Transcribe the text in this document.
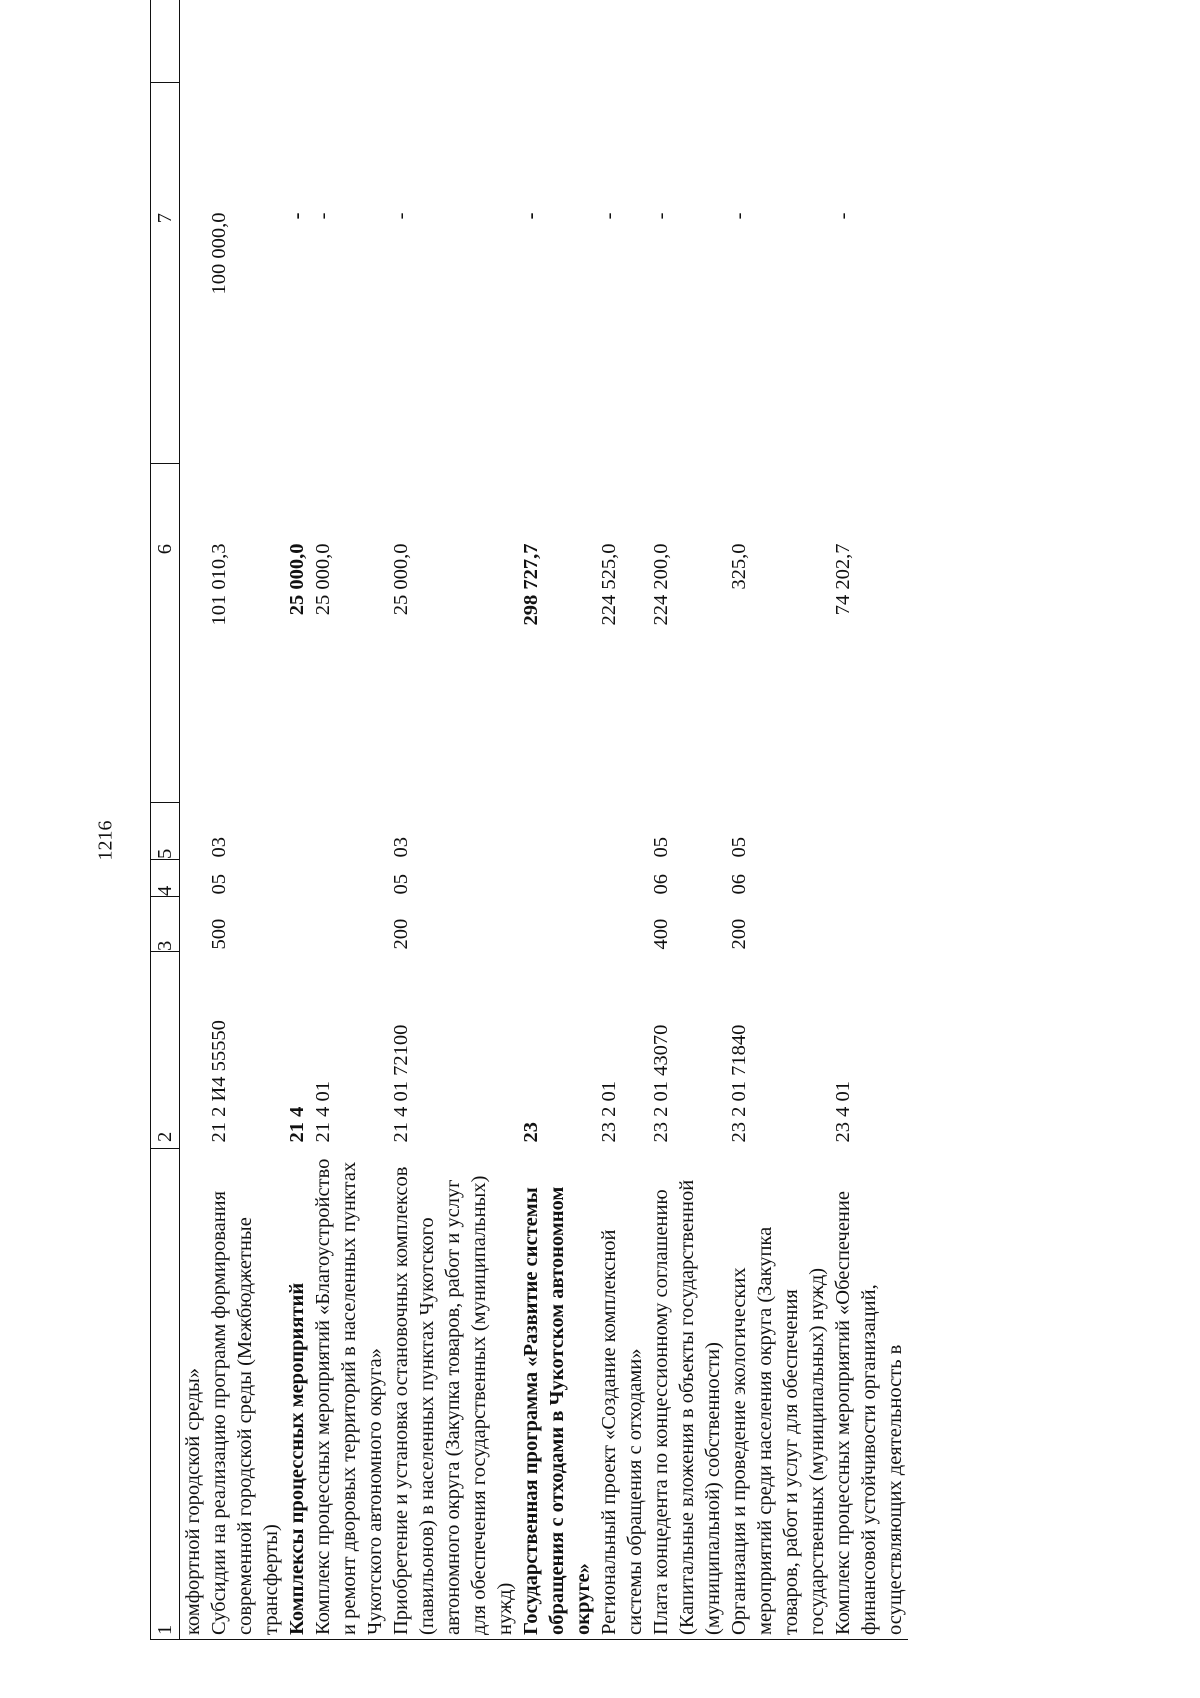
1216
1	2	3	4	5	6	7	
комфортной городской среды»							
Субсидии на реализацию программ формирования современной городской среды (Межбюджетные трансферты)	21 2 И4 55550	500	05	03	101 010,3	100 000,0	
Комплексы процессных мероприятий	21 4				25 000,0	-	
Комплекс процессных мероприятий «Благоустройство и ремонт дворовых территорий в населенных пунктах Чукотского автономного округа»	21 4 01				25 000,0	-	
Приобретение и установка остановочных комплексов (павильонов) в населенных пунктах Чукотского автономного округа (Закупка товаров, работ и услуг для обеспечения государственных (муниципальных) нужд)	21 4 01 72100	200	05	03	25 000,0	-	
Государственная программа «Развитие системы обращения с отходами в Чукотском автономном округе»	23				298 727,7	-	
Региональный проект «Создание комплексной системы обращения с отходами»	23 2 01				224 525,0	-	
Плата концедента по концессионному соглашению (Капитальные вложения в объекты государственной (муниципальной) собственности)	23 2 01 43070	400	06	05	224 200,0	-	
Организация и проведение экологических мероприятий среди населения округа (Закупка товаров, работ и услуг для обеспечения государственных (муниципальных) нужд)	23 2 01 71840	200	06	05	325,0	-	
Комплекс процессных мероприятий «Обеспечение финансовой устойчивости организаций, осуществляющих деятельность в	23 4 01				74 202,7	-	
